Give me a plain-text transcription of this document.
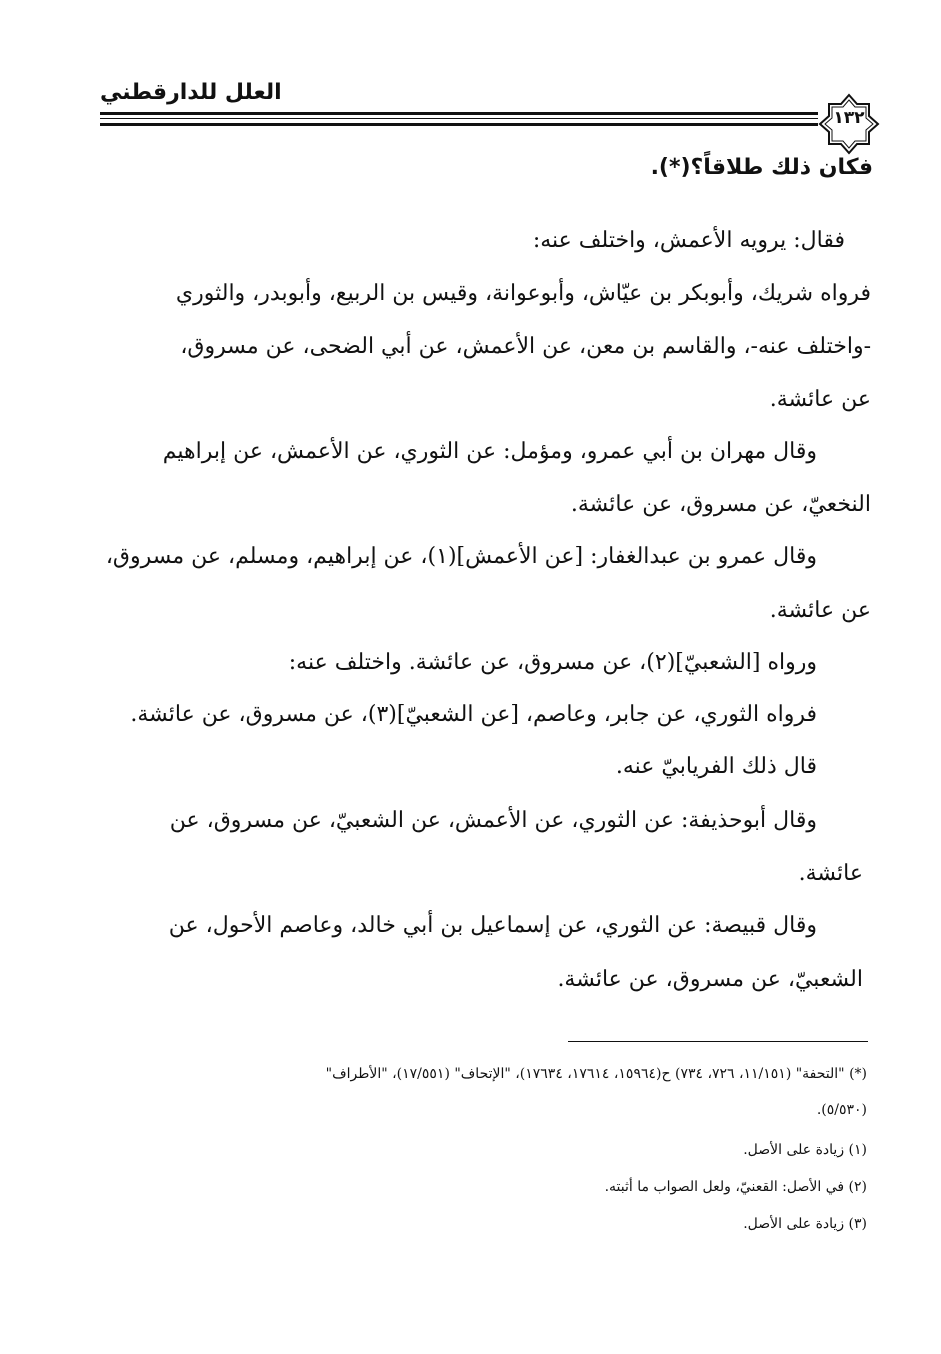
العلل للدارقطني
١٣٢
فكان ذلك طلاقاً؟(*).
فقال: يرويه الأعمش، واختلف عنه:
فرواه شريك، وأبوبكر بن عيّاش، وأبوعوانة، وقيس بن الربيع، وأبوبدر، والثوري
-واختلف عنه-، والقاسم بن معن، عن الأعمش، عن أبي الضحى، عن مسروق،
عن عائشة.
وقال مهران بن أبي عمرو، ومؤمل: عن الثوري، عن الأعمش، عن إبراهيم
النخعيّ، عن مسروق، عن عائشة.
وقال عمرو بن عبدالغفار: [عن الأعمش](١)، عن إبراهيم، ومسلم، عن مسروق،
عن عائشة.
ورواه [الشعبيّ](٢)، عن مسروق، عن عائشة. واختلف عنه:
فرواه الثوري، عن جابر، وعاصم، [عن الشعبيّ](٣)، عن مسروق، عن عائشة.
قال ذلك الفريابيّ عنه.
وقال أبوحذيفة: عن الثوري، عن الأعمش، عن الشعبيّ، عن مسروق، عن
عائشة.
وقال قبيصة: عن الثوري، عن إسماعيل بن أبي خالد، وعاصم الأحول، عن
الشعبيّ، عن مسروق، عن عائشة.
(*) "التحفة" (١١/١٥١، ٧٢٦، ٧٣٤) ح(١٥٩٦٤، ١٧٦١٤، ١٧٦٣٤)، "الإتحاف" (١٧/٥٥١)، "الأطراف"
(٥/٥٣٠).
(١) زيادة على الأصل.
(٢) في الأصل: القعنيّ، ولعل الصواب ما أثبته.
(٣) زيادة على الأصل.
